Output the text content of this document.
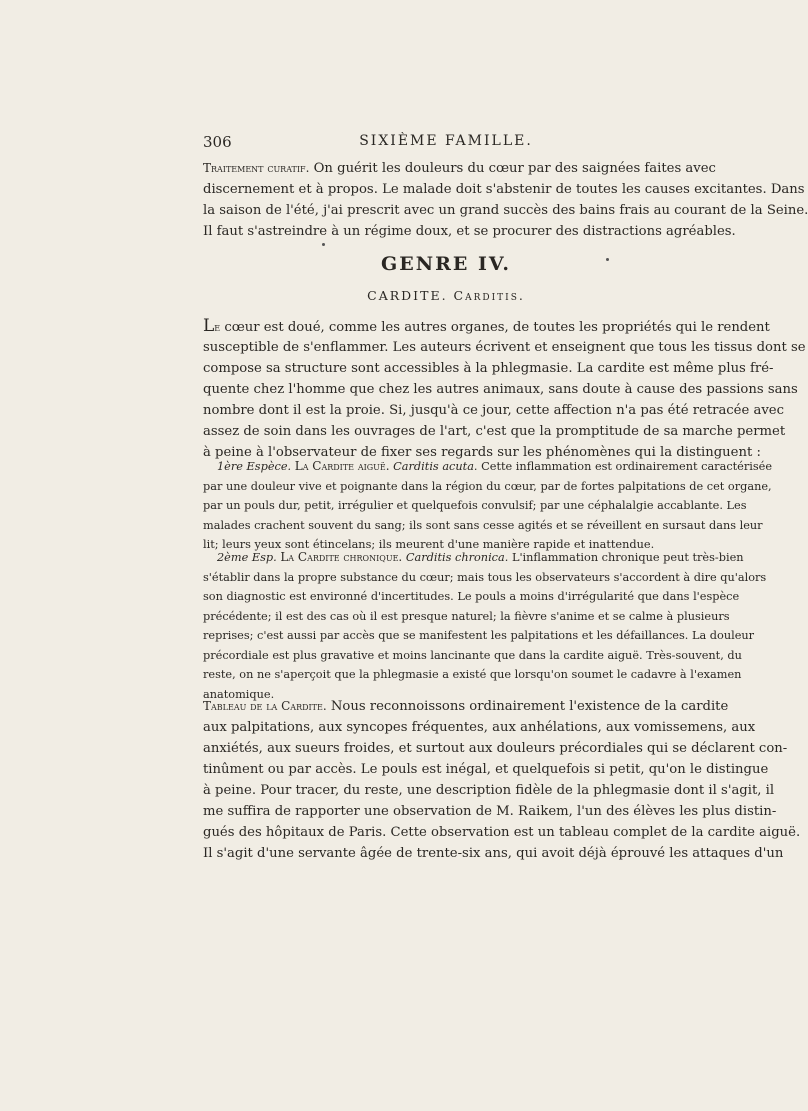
306	SIXIÈME FAMILLE.
Traitement curatif. On guérit les douleurs du cœur par des saignées faites avec
discernement et à propos. Le malade doit s'abstenir de toutes les causes excitantes. Dans
la saison de l'été, j'ai prescrit avec un grand succès des bains frais au courant de la Seine.
Il faut s'astreindre à un régime doux, et se procurer des distractions agréables.
GENRE IV.
CARDITE. Carditis.
Le cœur est doué, comme les autres organes, de toutes les propriétés qui le rendent
susceptible de s'enflammer. Les auteurs écrivent et enseignent que tous les tissus dont se
compose sa structure sont accessibles à la phlegmasie. La cardite est même plus fré-
quente chez l'homme que chez les autres animaux, sans doute à cause des passions sans
nombre dont il est la proie. Si, jusqu'à ce jour, cette affection n'a pas été retracée avec
assez de soin dans les ouvrages de l'art, c'est que la promptitude de sa marche permet
à peine à l'observateur de fixer ses regards sur les phénomènes qui la distinguent :
1ère Espèce. La Cardite aiguë. Carditis acuta. Cette inflammation est ordinairement caractérisée
par une douleur vive et poignante dans la région du cœur, par de fortes palpitations de cet organe,
par un pouls dur, petit, irrégulier et quelquefois convulsif; par une céphalalgie accablante. Les
malades crachent souvent du sang; ils sont sans cesse agités et se réveillent en sursaut dans leur
lit; leurs yeux sont étincelans; ils meurent d'une manière rapide et inattendue.
2ème Esp. La Cardite chronique. Carditis chronica. L'inflammation chronique peut très-bien
s'établir dans la propre substance du cœur; mais tous les observateurs s'accordent à dire qu'alors
son diagnostic est environné d'incertitudes. Le pouls a moins d'irrégularité que dans l'espèce
précédente; il est des cas où il est presque naturel; la fièvre s'anime et se calme à plusieurs
reprises; c'est aussi par accès que se manifestent les palpitations et les défaillances. La douleur
précordiale est plus gravative et moins lancinante que dans la cardite aiguë. Très-souvent, du
reste, on ne s'aperçoit que la phlegmasie a existé que lorsqu'on soumet le cadavre à l'examen
anatomique.
Tableau de la Cardite. Nous reconnoissons ordinairement l'existence de la cardite
aux palpitations, aux syncopes fréquentes, aux anhélations, aux vomissemens, aux
anxiétés, aux sueurs froides, et surtout aux douleurs précordiales qui se déclarent con-
tinûment ou par accès. Le pouls est inégal, et quelquefois si petit, qu'on le distingue
à peine. Pour tracer, du reste, une description fidèle de la phlegmasie dont il s'agit, il
me suffira de rapporter une observation de M. Raikem, l'un des élèves les plus distin-
gués des hôpitaux de Paris. Cette observation est un tableau complet de la cardite aiguë.
Il s'agit d'une servante âgée de trente-six ans, qui avoit déjà éprouvé les attaques d'un
